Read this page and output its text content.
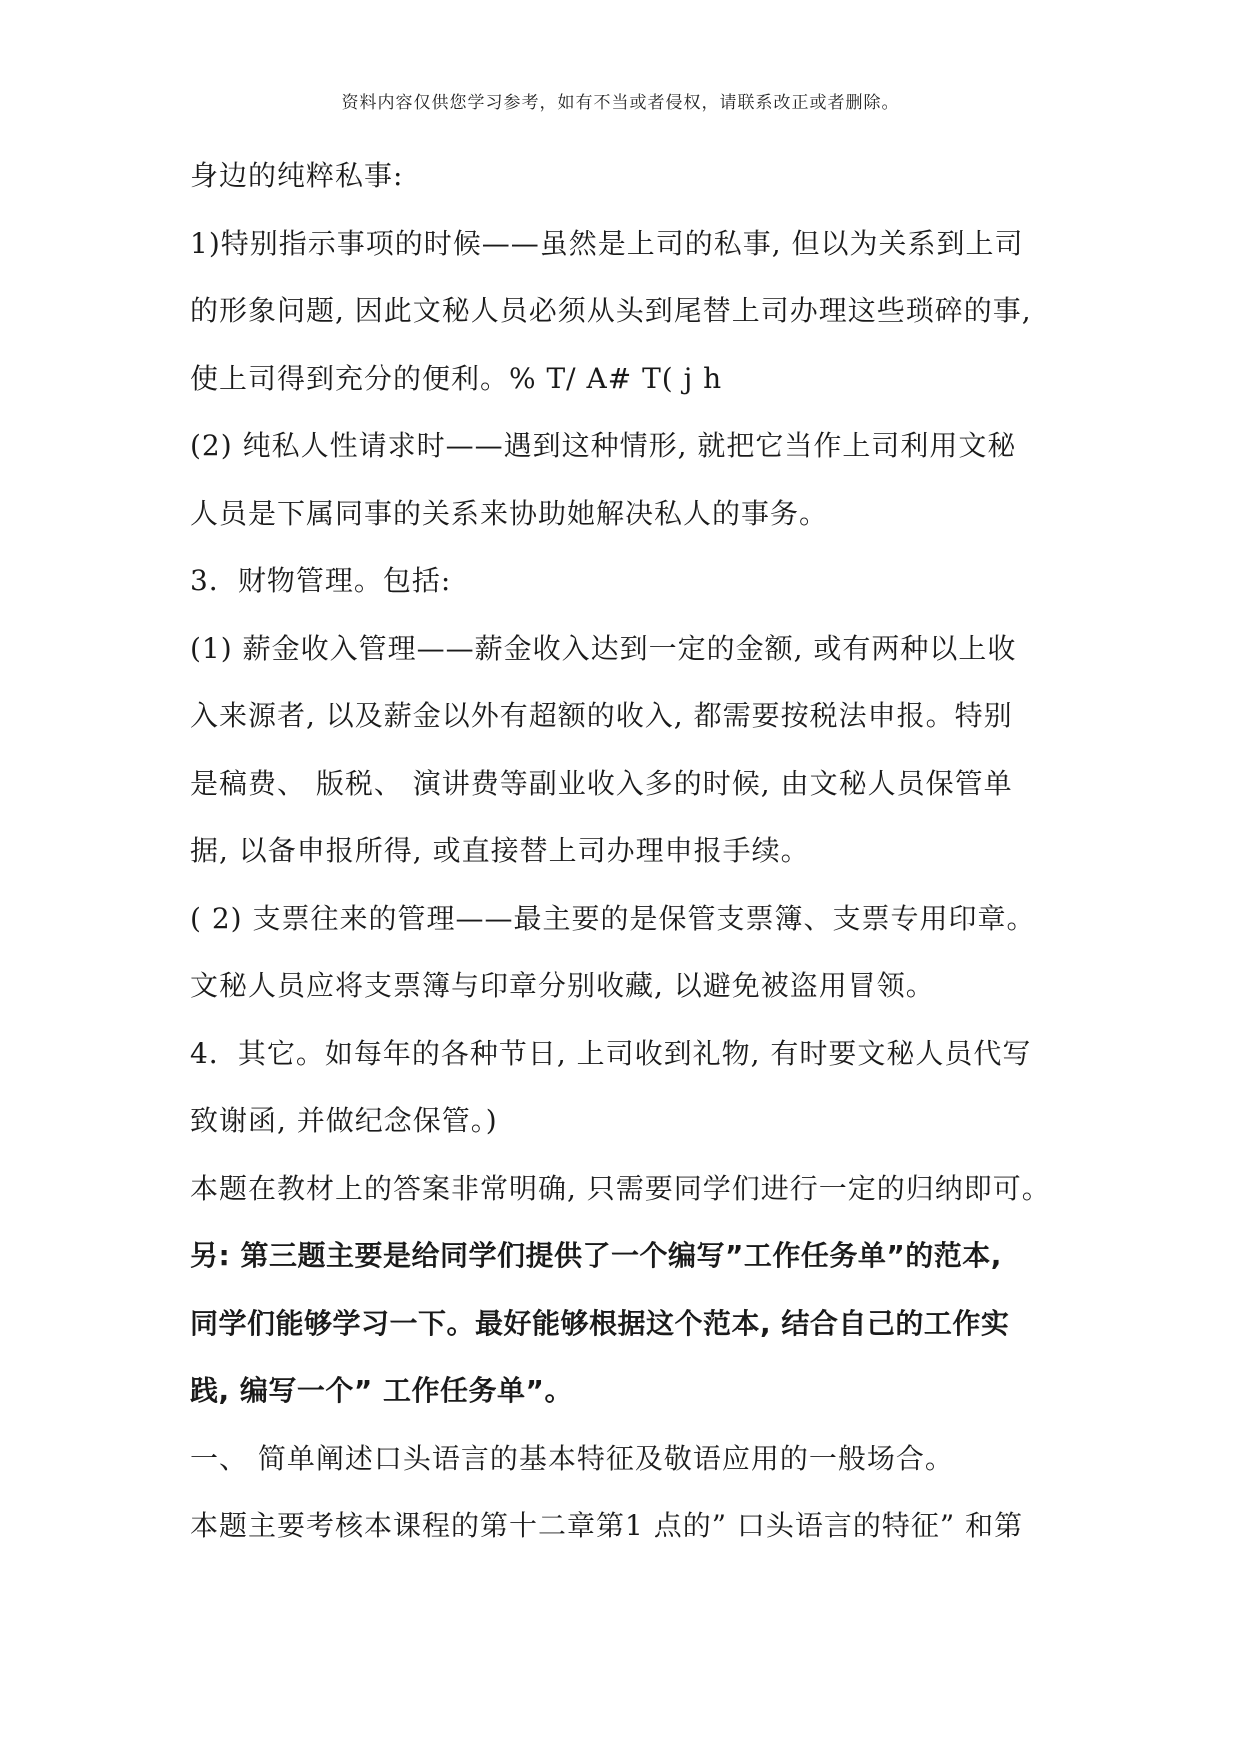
资料内容仅供您学习参考，如有不当或者侵权，请联系改正或者删除。
身边的纯粹私事:
1)特别指示事项的时候——虽然是上司的私事, 但以为关系到上司
的形象问题, 因此文秘人员必须从头到尾替上司办理这些琐碎的事,
使上司得到充分的便利。% T/ A# T( j h
(2) 纯私人性请求时——遇到这种情形, 就把它当作上司利用文秘
人员是下属同事的关系来协助她解决私人的事务。
3．财物管理。包括:
(1) 薪金收入管理——薪金收入达到一定的金额, 或有两种以上收
入来源者, 以及薪金以外有超额的收入, 都需要按税法申报。特别
是稿费、 版税、 演讲费等副业收入多的时候, 由文秘人员保管单
据, 以备申报所得, 或直接替上司办理申报手续。
( 2) 支票往来的管理——最主要的是保管支票簿、支票专用印章。
文秘人员应将支票簿与印章分别收藏, 以避免被盗用冒领。
4．其它。如每年的各种节日, 上司收到礼物, 有时要文秘人员代写
致谢函, 并做纪念保管。)
本题在教材上的答案非常明确, 只需要同学们进行一定的归纳即可。
另: 第三题主要是给同学们提供了一个编写”工作任务单”的范本,
同学们能够学习一下。最好能够根据这个范本, 结合自己的工作实
践, 编写一个” 工作任务单”。
一、 简单阐述口头语言的基本特征及敬语应用的一般场合。
本题主要考核本课程的第十二章第1 点的” 口头语言的特征” 和第
